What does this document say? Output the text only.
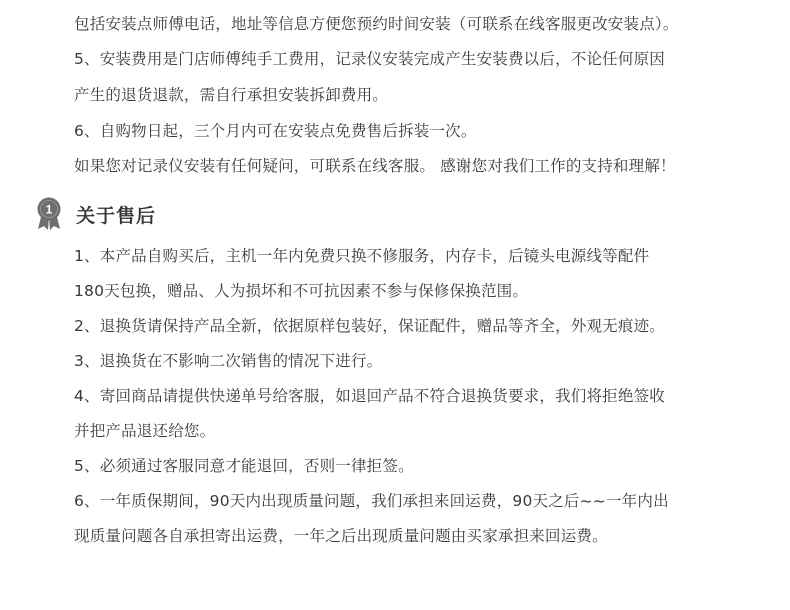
包括安装点师傅电话，地址等信息方便您预约时间安装（可联系在线客服更改安装点）。
5、安装费用是门店师傅纯手工费用，记录仪安装完成产生安装费以后，不论任何原因
产生的退货退款，需自行承担安装拆卸费用。
6、自购物日起，三个月内可在安装点免费售后拆装一次。
如果您对记录仪安装有任何疑问，可联系在线客服。 感谢您对我们工作的支持和理解！
1 关于售后
1、本产品自购买后，主机一年内免费只换不修服务，内存卡，后镜头电源线等配件
180天包换，赠品、人为损坏和不可抗因素不参与保修保换范围。
2、退换货请保持产品全新，依据原样包装好，保证配件，赠品等齐全，外观无痕迹。
3、退换货在不影响二次销售的情况下进行。
4、寄回商品请提供快递单号给客服，如退回产品不符合退换货要求，我们将拒绝签收
并把产品退还给您。
5、必须通过客服同意才能退回，否则一律拒签。
6、一年质保期间，90天内出现质量问题，我们承担来回运费，90天之后~~一年内出
现质量问题各自承担寄出运费，一年之后出现质量问题由买家承担来回运费。
